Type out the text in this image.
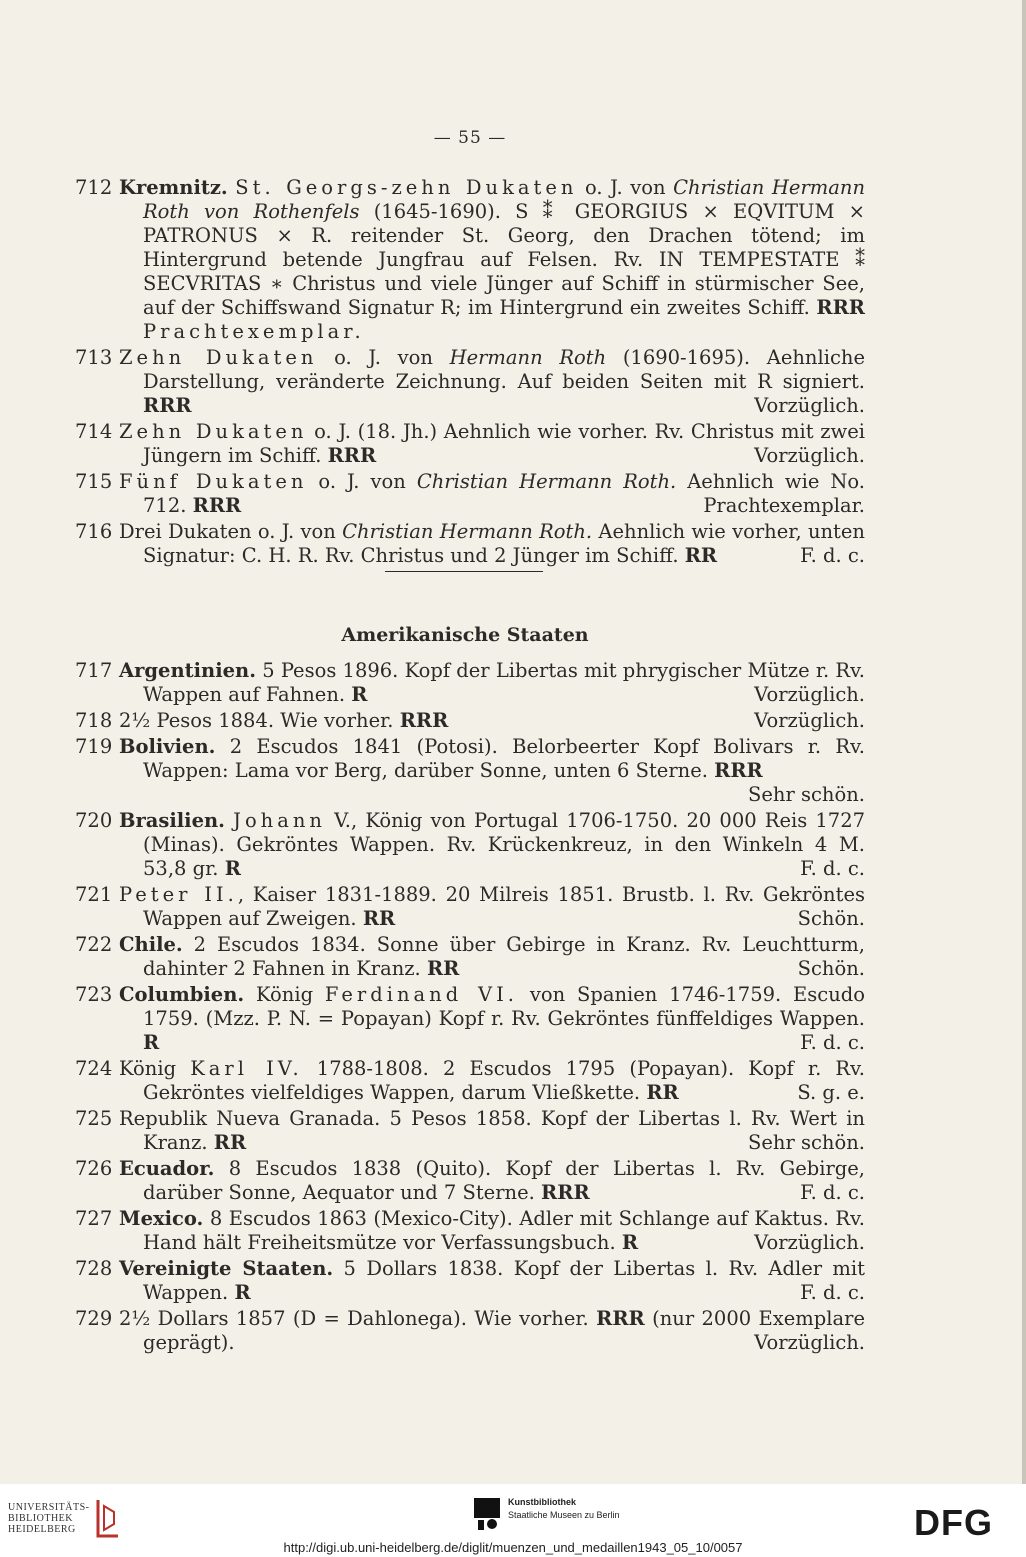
— 55 —
712 Kremnitz. St. Georgs-zehn Dukaten o. J. von Christian Hermann Roth von Rothenfels (1645-1690). S ⁑ GEORGIUS × EQVITUM × PATRONUS × R. reitender St. Georg, den Drachen tötend; im Hintergrund betende Jungfrau auf Felsen. Rv. IN TEMPESTATE ⁑ SECVRITAS ∗ Christus und viele Jünger auf Schiff in stürmischer See, auf der Schiffswand Signatur R; im Hintergrund ein zweites Schiff. RRR Prachtexemplar.
713 Zehn Dukaten o. J. von Hermann Roth (1690-1695). Aehnliche Darstellung, veränderte Zeichnung. Auf beiden Seiten mit R signiert. RRR	Vorzüglich.
714 Zehn Dukaten o. J. (18. Jh.) Aehnlich wie vorher. Rv. Christus mit zwei Jüngern im Schiff. RRR	Vorzüglich.
715 Fünf Dukaten o. J. von Christian Hermann Roth. Aehnlich wie No. 712. RRR	Prachtexemplar.
716 Drei Dukaten o. J. von Christian Hermann Roth. Aehnlich wie vorher, unten Signatur: C. H. R. Rv. Christus und 2 Jünger im Schiff. RR	F. d. c.
Amerikanische Staaten
717 Argentinien. 5 Pesos 1896. Kopf der Libertas mit phrygischer Mütze r. Rv. Wappen auf Fahnen. R	Vorzüglich.
718 2½ Pesos 1884. Wie vorher. RRR	Vorzüglich.
719 Bolivien. 2 Escudos 1841 (Potosi). Belorbeerter Kopf Bolivars r. Rv. Wappen: Lama vor Berg, darüber Sonne, unten 6 Sterne. RRR
Sehr schön.
720 Brasilien. Johann V., König von Portugal 1706-1750. 20 000 Reis 1727 (Minas). Gekröntes Wappen. Rv. Krückenkreuz, in den Winkeln 4 M. 53,8 gr. R	F. d. c.
721 Peter II., Kaiser 1831-1889. 20 Milreis 1851. Brustb. l. Rv. Gekröntes Wappen auf Zweigen. RR	Schön.
722 Chile. 2 Escudos 1834. Sonne über Gebirge in Kranz. Rv. Leuchtturm, dahinter 2 Fahnen in Kranz. RR	Schön.
723 Columbien. König Ferdinand VI. von Spanien 1746-1759. Escudo 1759. (Mzz. P. N. = Popayan) Kopf r. Rv. Gekröntes fünffeldiges Wappen. R	F. d. c.
724 König Karl IV. 1788-1808. 2 Escudos 1795 (Popayan). Kopf r. Rv. Gekröntes vielfeldiges Wappen, darum Vließkette. RR	S. g. e.
725 Republik Nueva Granada. 5 Pesos 1858. Kopf der Libertas l. Rv. Wert in Kranz. RR	Sehr schön.
726 Ecuador. 8 Escudos 1838 (Quito). Kopf der Libertas l. Rv. Gebirge, darüber Sonne, Aequator und 7 Sterne. RRR	F. d. c.
727 Mexico. 8 Escudos 1863 (Mexico-City). Adler mit Schlange auf Kaktus. Rv. Hand hält Freiheitsmütze vor Verfassungsbuch. R	Vorzüglich.
728 Vereinigte Staaten. 5 Dollars 1838. Kopf der Libertas l. Rv. Adler mit Wappen. R	F. d. c.
729 2½ Dollars 1857 (D = Dahlonega). Wie vorher. RRR (nur 2000 Exemplare geprägt).	Vorzüglich.
UNIVERSITÄTS-
BIBLIOTHEK
HEIDELBERG
Kunstbibliothek
Staatliche Museen zu Berlin	DFG
http://digi.ub.uni-heidelberg.de/diglit/muenzen_und_medaillen1943_05_10/0057
